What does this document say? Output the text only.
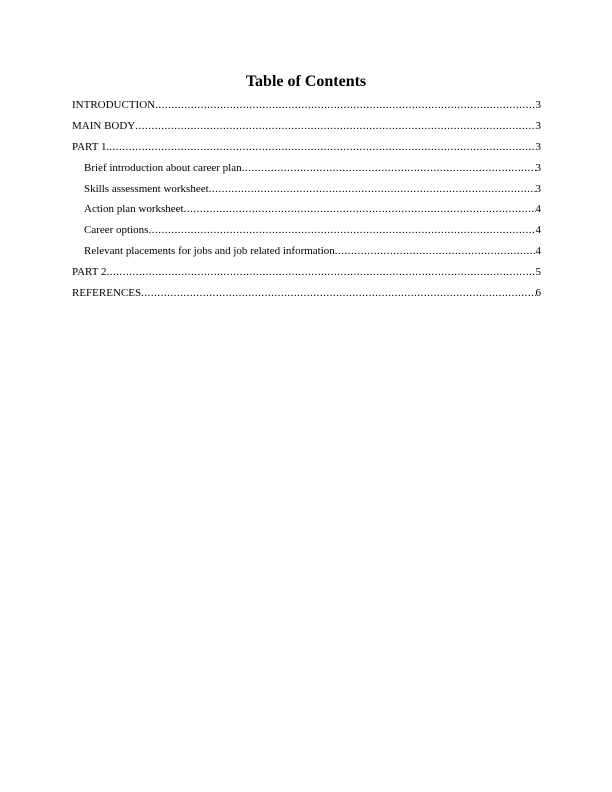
Table of Contents
INTRODUCTION .....	3
MAIN BODY .....	3
PART 1. .....	3
Brief introduction about career plan .....	3
Skills assessment worksheet .....	3
Action plan worksheet .....	4
Career options .....	4
Relevant placements for jobs and job related information .....	4
PART 2 .....	5
REFERENCES .....	6
